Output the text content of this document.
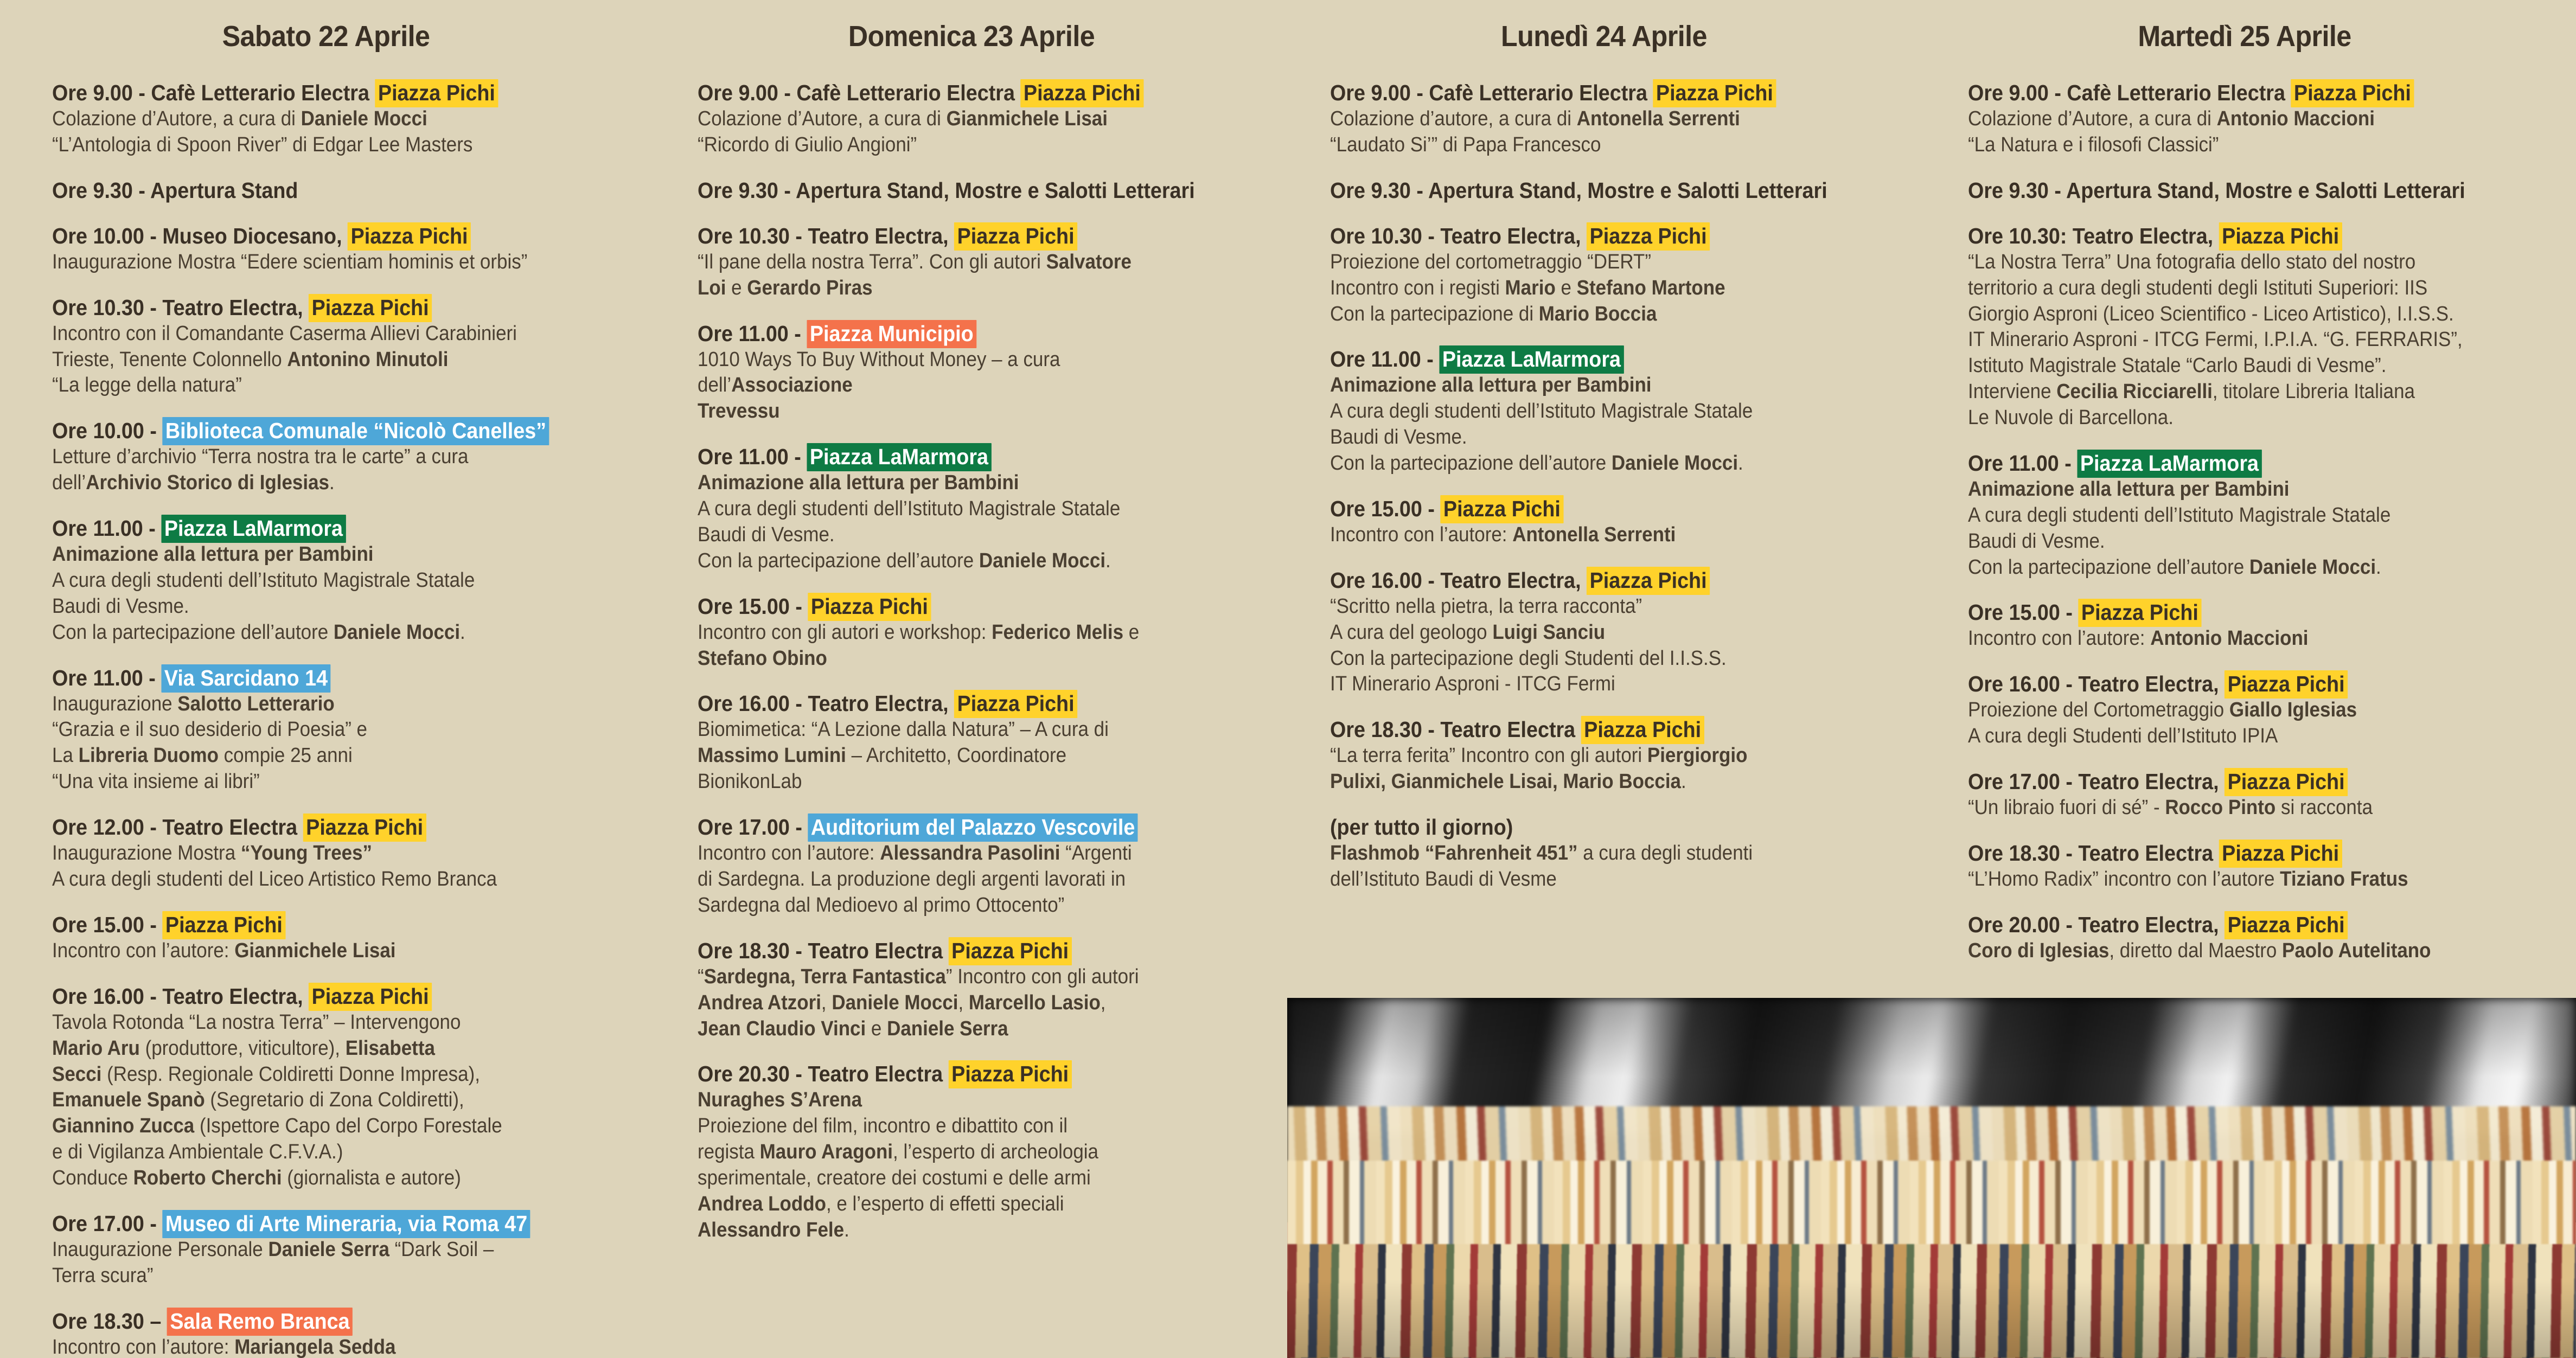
Sabato 22 Aprile
Ore 9.00 - Cafè Letterario Electra Piazza Pichi
Colazione d’Autore, a cura di Daniele Mocci
“L’Antologia di Spoon River” di Edgar Lee Masters
Ore 9.30 - Apertura Stand
Ore 10.00 - Museo Diocesano, Piazza Pichi
Inaugurazione Mostra “Edere scientiam hominis et orbis”
Ore 10.30 - Teatro Electra, Piazza Pichi
Incontro con il Comandante Caserma Allievi Carabinieri
Trieste, Tenente Colonnello Antonino Minutoli
“La legge della natura”
Ore 10.00 - Biblioteca Comunale “Nicolò Canelles”
Letture d’archivio “Terra nostra tra le carte” a cura
dell’Archivio Storico di Iglesias.
Ore 11.00 - Piazza LaMarmora
Animazione alla lettura per Bambini
A cura degli studenti dell’Istituto Magistrale Statale
Baudi di Vesme.
Con la partecipazione dell’autore Daniele Mocci.
Ore 11.00 - Via Sarcidano 14
Inaugurazione Salotto Letterario
“Grazia e il suo desiderio di Poesia” e
La Libreria Duomo compie 25 anni
“Una vita insieme ai libri”
Ore 12.00 - Teatro Electra Piazza Pichi
Inaugurazione Mostra “Young Trees”
A cura degli studenti del Liceo Artistico Remo Branca
Ore 15.00 - Piazza Pichi
Incontro con l’autore: Gianmichele Lisai
Ore 16.00 - Teatro Electra, Piazza Pichi
Tavola Rotonda “La nostra Terra” – Intervengono
Mario Aru (produttore, viticultore), Elisabetta
Secci (Resp. Regionale Coldiretti Donne Impresa),
Emanuele Spanò (Segretario di Zona Coldiretti),
Giannino Zucca (Ispettore Capo del Corpo Forestale
e di Vigilanza Ambientale C.F.V.A.)
Conduce Roberto Cherchi (giornalista e autore)
Ore 17.00 - Museo di Arte Mineraria, via Roma 47
Inaugurazione Personale Daniele Serra “Dark Soil –
Terra scura”
Ore 18.30 – Sala Remo Branca
Incontro con l’autore: Mariangela Sedda
Domenica 23 Aprile
Ore 9.00 - Cafè Letterario Electra Piazza Pichi
Colazione d’Autore, a cura di Gianmichele Lisai
“Ricordo di Giulio Angioni”
Ore 9.30 - Apertura Stand, Mostre e Salotti Letterari
Ore 10.30 - Teatro Electra, Piazza Pichi
“Il pane della nostra Terra”. Con gli autori Salvatore
Loi e Gerardo Piras
Ore 11.00 - Piazza Municipio
1010 Ways To Buy Without Money – a cura dell’Associazione
Trevessu
Ore 11.00 - Piazza LaMarmora
Animazione alla lettura per Bambini
A cura degli studenti dell’Istituto Magistrale Statale
Baudi di Vesme.
Con la partecipazione dell’autore Daniele Mocci.
Ore 15.00 - Piazza Pichi
Incontro con gli autori e workshop: Federico Melis e
Stefano Obino
Ore 16.00 - Teatro Electra, Piazza Pichi
Biomimetica: “A Lezione dalla Natura” – A cura di
Massimo Lumini – Architetto, Coordinatore
BionikonLab
Ore 17.00 - Auditorium del Palazzo Vescovile
Incontro con l’autore: Alessandra Pasolini “Argenti
di Sardegna. La produzione degli argenti lavorati in
Sardegna dal Medioevo al primo Ottocento”
Ore 18.30 - Teatro Electra Piazza Pichi
“Sardegna, Terra Fantastica” Incontro con gli autori
Andrea Atzori, Daniele Mocci, Marcello Lasio,
Jean Claudio Vinci e Daniele Serra
Ore 20.30 - Teatro Electra Piazza Pichi
Nuraghes S’Arena
Proiezione del film, incontro e dibattito con il
regista Mauro Aragoni, l’esperto di archeologia
sperimentale, creatore dei costumi e delle armi
Andrea Loddo, e l’esperto di effetti speciali
Alessandro Fele.
Lunedì 24 Aprile
Ore 9.00 - Cafè Letterario Electra Piazza Pichi
Colazione d’autore, a cura di Antonella Serrenti
“Laudato Si’” di Papa Francesco
Ore 9.30 - Apertura Stand, Mostre e Salotti Letterari
Ore 10.30 - Teatro Electra, Piazza Pichi
Proiezione del cortometraggio “DERT”
Incontro con i registi Mario e Stefano Martone
Con la partecipazione di Mario Boccia
Ore 11.00 - Piazza LaMarmora
Animazione alla lettura per Bambini
A cura degli studenti dell’Istituto Magistrale Statale
Baudi di Vesme.
Con la partecipazione dell’autore Daniele Mocci.
Ore 15.00 - Piazza Pichi
Incontro con l’autore: Antonella Serrenti
Ore 16.00 - Teatro Electra, Piazza Pichi
“Scritto nella pietra, la terra racconta”
A cura del geologo Luigi Sanciu
Con la partecipazione degli Studenti del I.I.S.S.
IT Minerario Asproni - ITCG Fermi
Ore 18.30 - Teatro Electra Piazza Pichi
“La terra ferita” Incontro con gli autori Piergiorgio
Pulixi, Gianmichele Lisai, Mario Boccia.
(per tutto il giorno)
Flashmob “Fahrenheit 451” a cura degli studenti
dell’Istituto Baudi di Vesme
Martedì 25 Aprile
Ore 9.00 - Cafè Letterario Electra Piazza Pichi
Colazione d’Autore, a cura di Antonio Maccioni
“La Natura e i filosofi Classici”
Ore 9.30 - Apertura Stand, Mostre e Salotti Letterari
Ore 10.30: Teatro Electra, Piazza Pichi
“La Nostra Terra” Una fotografia dello stato del nostro
territorio a cura degli studenti degli Istituti Superiori: IIS
Giorgio Asproni (Liceo Scientifico - Liceo Artistico), I.I.S.S.
IT Minerario Asproni - ITCG Fermi, I.P.I.A. “G. FERRARIS”,
Istituto Magistrale Statale “Carlo Baudi di Vesme”.
Interviene Cecilia Ricciarelli, titolare Libreria Italiana
Le Nuvole di Barcellona.
Ore 11.00 - Piazza LaMarmora
Animazione alla lettura per Bambini
A cura degli studenti dell’Istituto Magistrale Statale
Baudi di Vesme.
Con la partecipazione dell’autore Daniele Mocci.
Ore 15.00 - Piazza Pichi
Incontro con l’autore: Antonio Maccioni
Ore 16.00 - Teatro Electra, Piazza Pichi
Proiezione del Cortometraggio Giallo Iglesias
A cura degli Studenti dell’Istituto IPIA
Ore 17.00 - Teatro Electra, Piazza Pichi
“Un libraio fuori di sé” - Rocco Pinto si racconta
Ore 18.30 - Teatro Electra Piazza Pichi
“L’Homo Radix” incontro con l’autore Tiziano Fratus
Ore 20.00 - Teatro Electra, Piazza Pichi
Coro di Iglesias, diretto dal Maestro Paolo Autelitano
